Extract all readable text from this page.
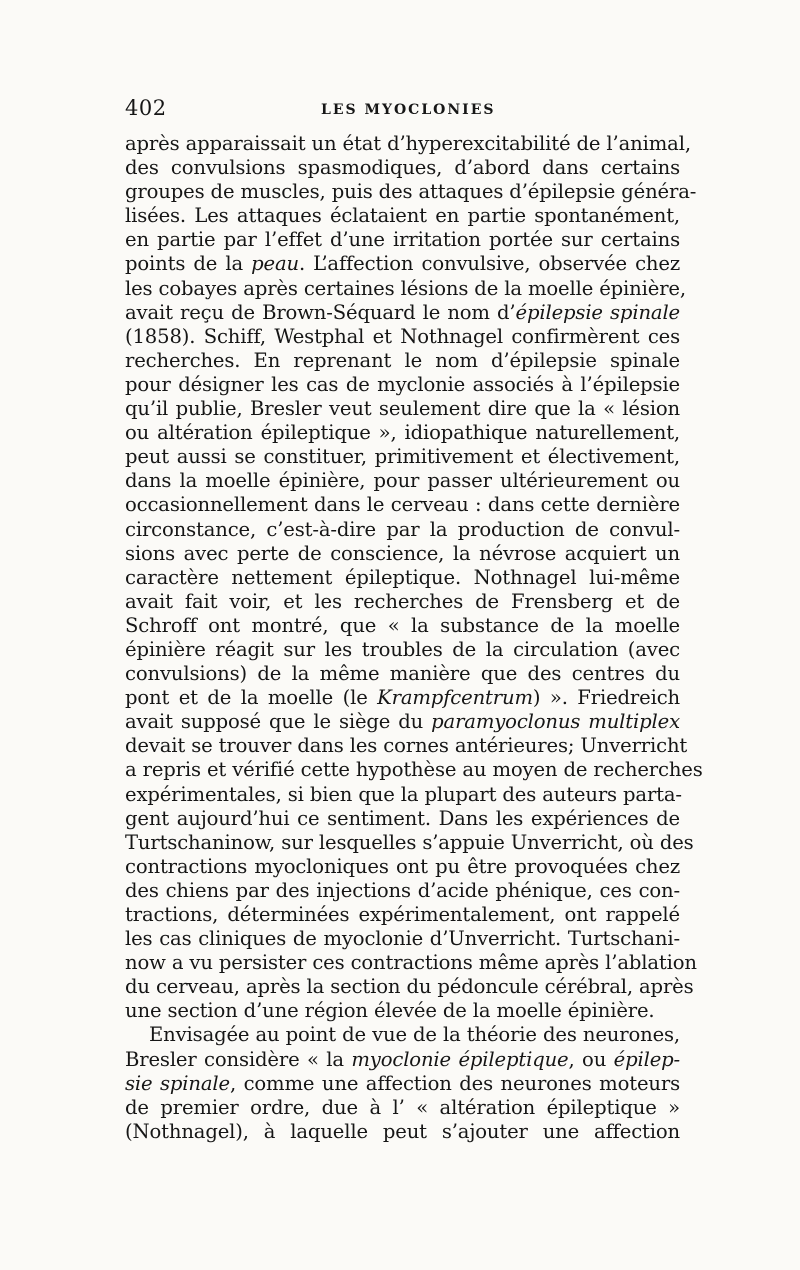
402	LES MYOCLONIES
après apparaissait un état d’hyperexcitabilité de l’animal,
des convulsions spasmodiques, d’abord dans certains
groupes de muscles, puis des attaques d’épilepsie généra-
lisées. Les attaques éclataient en partie spontanément,
en partie par l’effet d’une irritation portée sur certains
points de la peau. L’affection convulsive, observée chez
les cobayes après certaines lésions de la moelle épinière,
avait reçu de Brown-Séquard le nom d’épilepsie spinale
(1858). Schiff, Westphal et Nothnagel confirmèrent ces
recherches. En reprenant le nom d’épilepsie spinale
pour désigner les cas de myclonie associés à l’épilepsie
qu’il publie, Bresler veut seulement dire que la « lésion
ou altération épileptique », idiopathique naturellement,
peut aussi se constituer, primitivement et électivement,
dans la moelle épinière, pour passer ultérieurement ou
occasionnellement dans le cerveau : dans cette dernière
circonstance, c’est-à-dire par la production de convul-
sions avec perte de conscience, la névrose acquiert un
caractère nettement épileptique. Nothnagel lui-même
avait fait voir, et les recherches de Frensberg et de
Schroff ont montré, que « la substance de la moelle
épinière réagit sur les troubles de la circulation (avec
convulsions) de la même manière que des centres du
pont et de la moelle (le Krampfcentrum) ». Friedreich
avait supposé que le siège du paramyoclonus multiplex
devait se trouver dans les cornes antérieures; Unverricht
a repris et vérifié cette hypothèse au moyen de recherches
expérimentales, si bien que la plupart des auteurs parta-
gent aujourd’hui ce sentiment. Dans les expériences de
Turtschaninow, sur lesquelles s’appuie Unverricht, où des
contractions myocloniques ont pu être provoquées chez
des chiens par des injections d’acide phénique, ces con-
tractions, déterminées expérimentalement, ont rappelé
les cas cliniques de myoclonie d’Unverricht. Turtschani-
now a vu persister ces contractions même après l’ablation
du cerveau, après la section du pédoncule cérébral, après
une section d’une région élevée de la moelle épinière.
Envisagée au point de vue de la théorie des neurones,
Bresler considère « la myoclonie épileptique, ou épilep-
sie spinale, comme une affection des neurones moteurs
de premier ordre, due à l’ « altération épileptique »
(Nothnagel), à laquelle peut s’ajouter une affection
